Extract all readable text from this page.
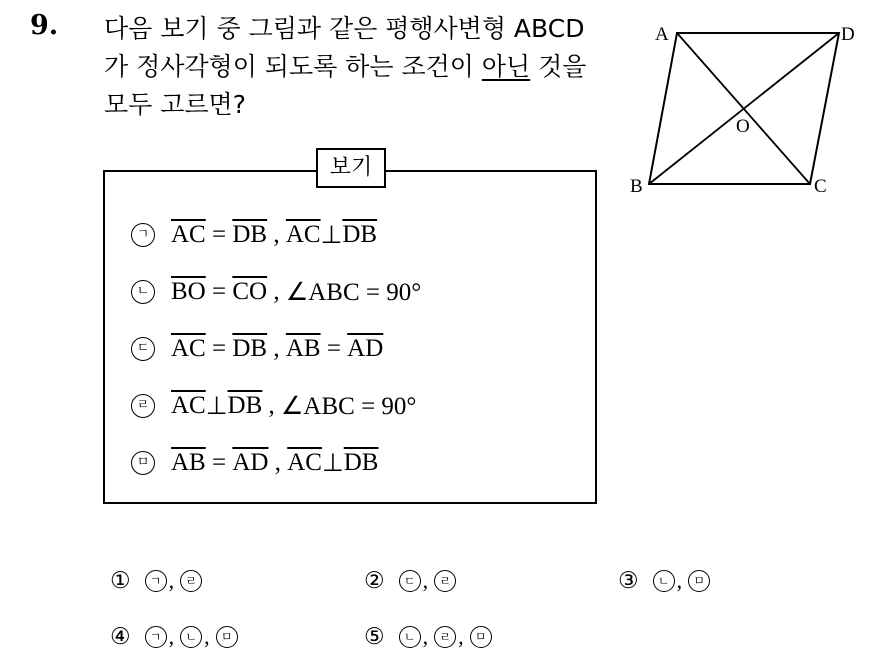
9. 다음 보기 중 그림과 같은 평행사변형 ABCD
가 정사각형이 되도록 하는 조건이 아닌 것을
모두 고르면?
A	D
B	C
O
보기
ㄱ $\overline{AC} = \overline{DB}$ , $\overline{AC}$ ⊥ $\overline{DB}$
ㄴ $\overline{BO} = \overline{CO}$ , ∠ABC = 90°
ㄷ $\overline{AC} = \overline{DB}$ , $\overline{AB} = \overline{AD}$
ㄹ $\overline{AC}$ ⊥ $\overline{DB}$ , ∠ABC = 90°
ㅁ $\overline{AB} = \overline{AD}$ , $\overline{AC}$ ⊥ $\overline{DB}$
①	ㄱ , ㄹ	②	ㄷ , ㄹ	③	ㄴ , ㅁ
④	ㄱ , ㄴ , ㅁ	⑤	ㄴ , ㄹ , ㅁ
